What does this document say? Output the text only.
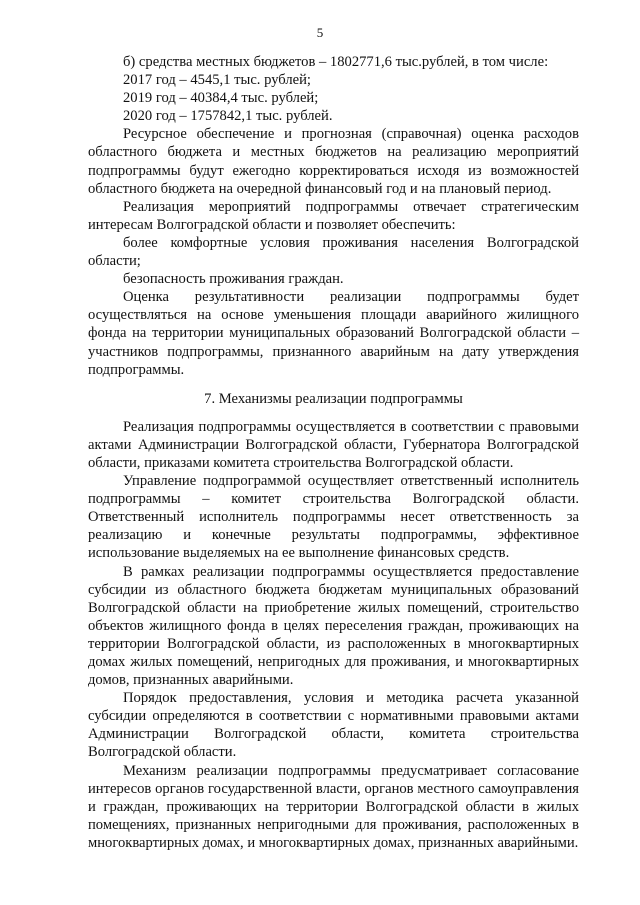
5

б) средства местных бюджетов – 1802771,6 тыс.рублей, в том числе:

2017 год – 4545,1 тыс. рублей;

2019 год – 40384,4 тыс. рублей;

2020 год – 1757842,1 тыс. рублей.

Ресурсное обеспечение и прогнозная (справочная) оценка расходов областного бюджета и местных бюджетов на реализацию мероприятий подпрограммы будут ежегодно корректироваться исходя из возможностей областного бюджета на очередной финансовый год и на плановый период.

Реализация мероприятий подпрограммы отвечает стратегическим интересам Волгоградской области и позволяет обеспечить:

более комфортные условия проживания населения Волгоградской области;

безопасность проживания граждан.

Оценка результативности реализации подпрограммы будет осуществляться на основе уменьшения площади аварийного жилищного фонда на территории муниципальных образований Волгоградской области – участников подпрограммы, признанного аварийным на дату утверждения подпрограммы.

7. Механизмы реализации подпрограммы

Реализация подпрограммы осуществляется в соответствии с правовыми актами Администрации Волгоградской области, Губернатора Волгоградской области, приказами комитета строительства Волгоградской области.

Управление подпрограммой осуществляет ответственный исполнитель подпрограммы – комитет строительства Волгоградской области. Ответственный исполнитель подпрограммы несет ответственность за реализацию и конечные результаты подпрограммы, эффективное использование выделяемых на ее выполнение финансовых средств.

В рамках реализации подпрограммы осуществляется предоставление субсидии из областного бюджета бюджетам муниципальных образований Волгоградской области на приобретение жилых помещений, строительство объектов жилищного фонда в целях переселения граждан, проживающих на территории Волгоградской области, из расположенных в многоквартирных домах жилых помещений, непригодных для проживания, и многоквартирных домов, признанных аварийными.

Порядок предоставления, условия и методика расчета указанной субсидии определяются в соответствии с нормативными правовыми актами Администрации Волгоградской области, комитета строительства Волгоградской области.

Механизм реализации подпрограммы предусматривает согласование интересов органов государственной власти, органов местного самоуправления и граждан, проживающих на территории Волгоградской области в жилых помещениях, признанных непригодными для проживания, расположенных в многоквартирных домах, и многоквартирных домах, признанных аварийными.
